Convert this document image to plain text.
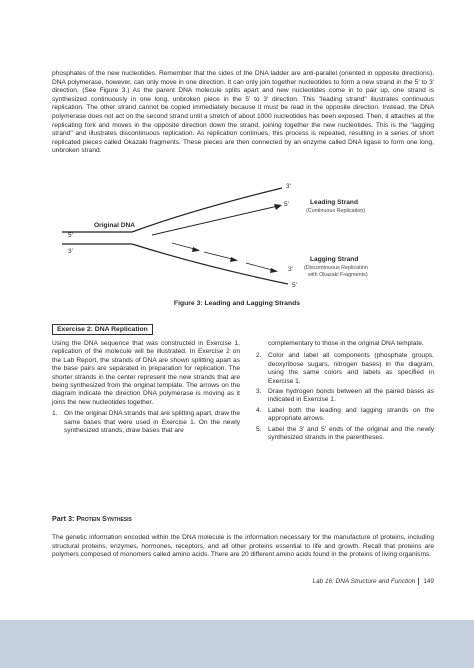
phosphates of the new nucleotides. Remember that the sides of the DNA ladder are anti-parallel (oriented in opposite directions). DNA polymerase, however, can only move in one direction. It can only join together nucleotides to form a new strand in the 5' to 3' direction. (See Figure 3.) As the parent DNA molecule splits apart and new nucleotides come in to pair up, one strand is synthesized continuously in one long, unbroken piece in the 5' to 3' direction. This "leading strand" illustrates continuous replication. The other strand cannot be copied immediately because it must be read in the opposite direction. Instead, the DNA polymerase does not act on the second strand until a stretch of about 1000 nucleotides has been exposed. Then, it attaches at the replicating fork and moves in the opposite direction down the strand, joining together the new nucleotides. This is the "lagging strand" and illustrates discontinuous replication. As replication continues, this process is repeated, resulting in a series of short replicated pieces called Okazaki fragments. These pieces are then connected by an enzyme called DNA ligase to form one long, unbroken strand.

3'
5'	Leading Strand
(Continuous Replication)
Original DNA
5'
3'
Lagging Strand
(Discontinuous Replication
with Okazaki Fragments)
3'
5'

Figure 3: Leading and Lagging Strands

Exercise 2: DNA Replication

Using the DNA sequence that was constructed in Exercise 1, replication of the molecule will be illustrated. In Exercise 2 on the Lab Report, the strands of DNA are shown splitting apart as the base pairs are separated in preparation for replication. The shorter strands in the center represent the new strands that are being synthesized from the original template. The arrows on the diagram indicate the direction DNA polymerase is moving as it joins the new nucleotides together.

1. On the original DNA strands that are splitting apart, draw the same bases that were used in Exercise 1. On the newly synthesized strands, draw bases that are

complementary to those in the original DNA template.

2. Color and label all components (phosphate groups, deoxyribose sugars, nitrogen bases) in the diagram, using the same colors and labels as specified in Exercise 1.
3. Draw hydrogen bonds between all the paired bases as indicated in Exercise 1.
4. Label both the leading and lagging strands on the appropriate arrows.
5. Label the 3' and 5' ends of the original and the newly synthesized strands in the parentheses.

Part 3: Protein Synthesis

The genetic information encoded within the DNA molecule is the information necessary for the manufacture of proteins, including structural proteins, enzymes, hormones, receptors, and all other proteins essential to life and growth. Recall that proteins are polymers composed of monomers called amino acids. There are 20 different amino acids found in the proteins of living organisms.

Lab 16: DNA Structure and Function 149
